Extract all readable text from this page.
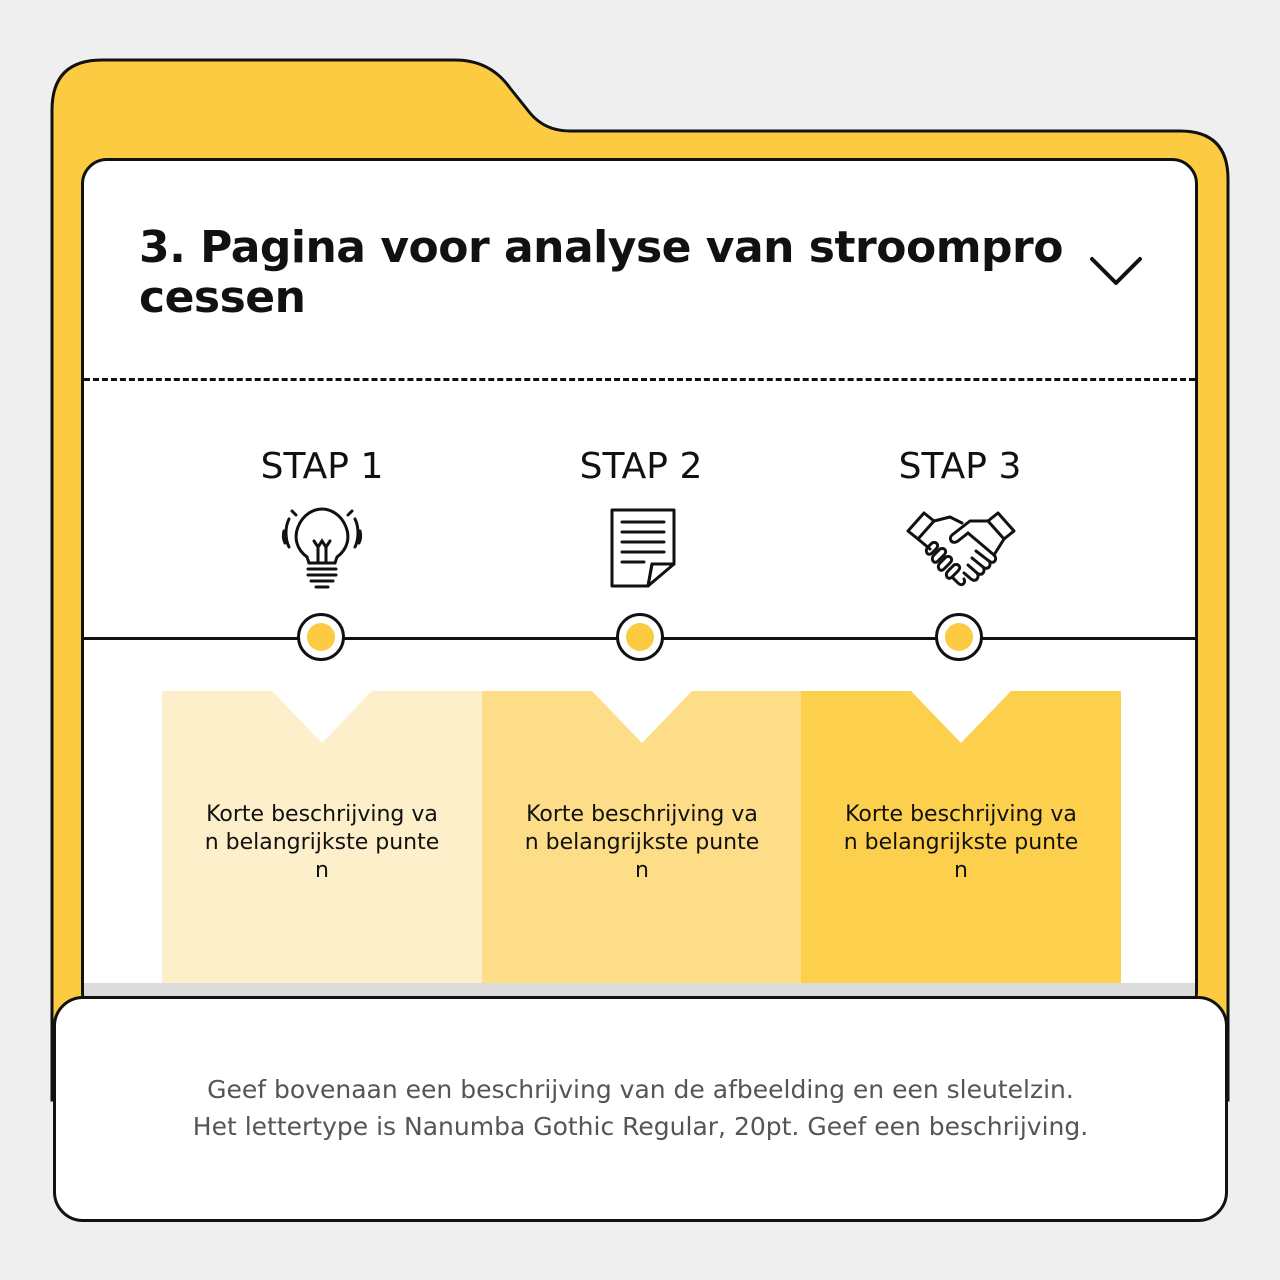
3. Pagina voor analyse van stroomprocessen
STAP 1	STAP 2	STAP 3
Korte beschrijving van belangrijkste punten
Korte beschrijving van belangrijkste punten
Korte beschrijving van belangrijkste punten
Geef bovenaan een beschrijving van de afbeelding en een sleutelzin.
Het lettertype is Nanumba Gothic Regular, 20pt. Geef een beschrijving.
